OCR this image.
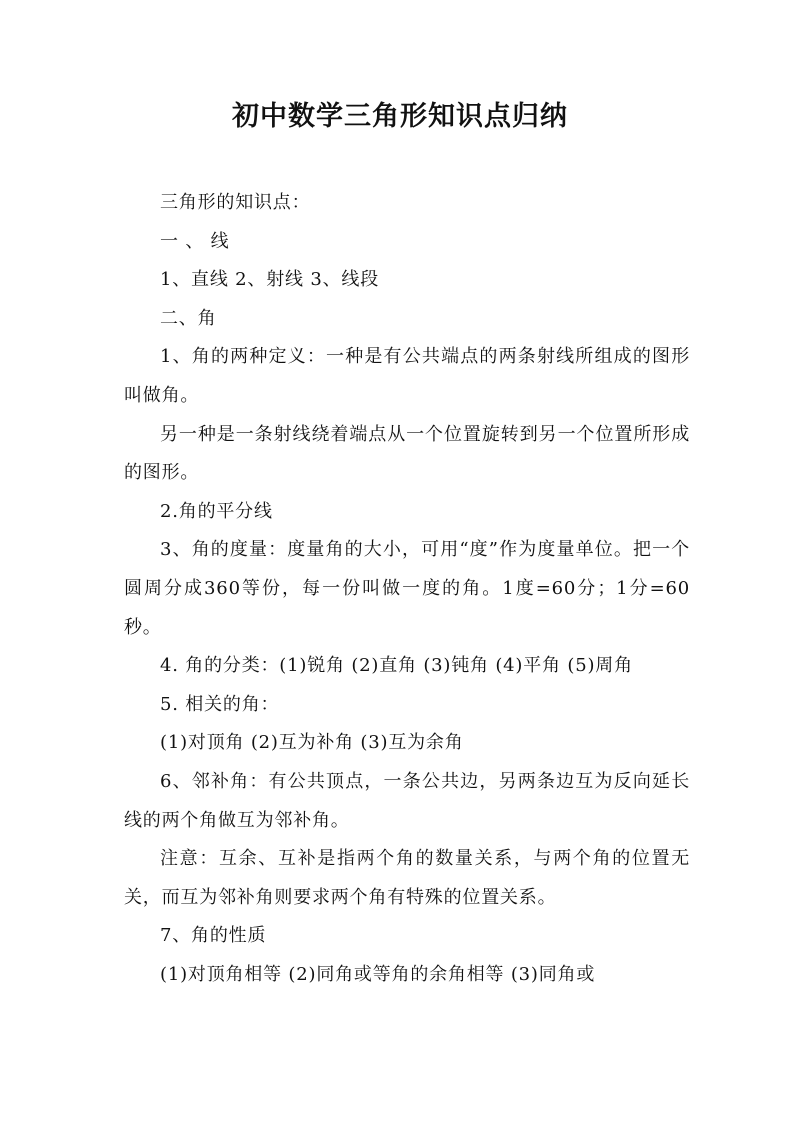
初中数学三角形知识点归纳

三角形的知识点：

一 、 线

1、直线 2、射线 3、线段

二、角

1、角的两种定义：一种是有公共端点的两条射线所组成的图形叫做角。

另一种是一条射线绕着端点从一个位置旋转到另一个位置所形成的图形。

2.角的平分线

3、角的度量：度量角的大小，可用“度”作为度量单位。把一个圆周分成360等份，每一份叫做一度的角。1度=60分；1分=60秒。

4. 角的分类：(1)锐角 (2)直角 (3)钝角 (4)平角 (5)周角

5. 相关的角：

(1)对顶角 (2)互为补角 (3)互为余角

6、邻补角：有公共顶点，一条公共边，另两条边互为反向延长线的两个角做互为邻补角。

注意：互余、互补是指两个角的数量关系，与两个角的位置无关，而互为邻补角则要求两个角有特殊的位置关系。

7、角的性质

(1)对顶角相等 (2)同角或等角的余角相等 (3)同角或
